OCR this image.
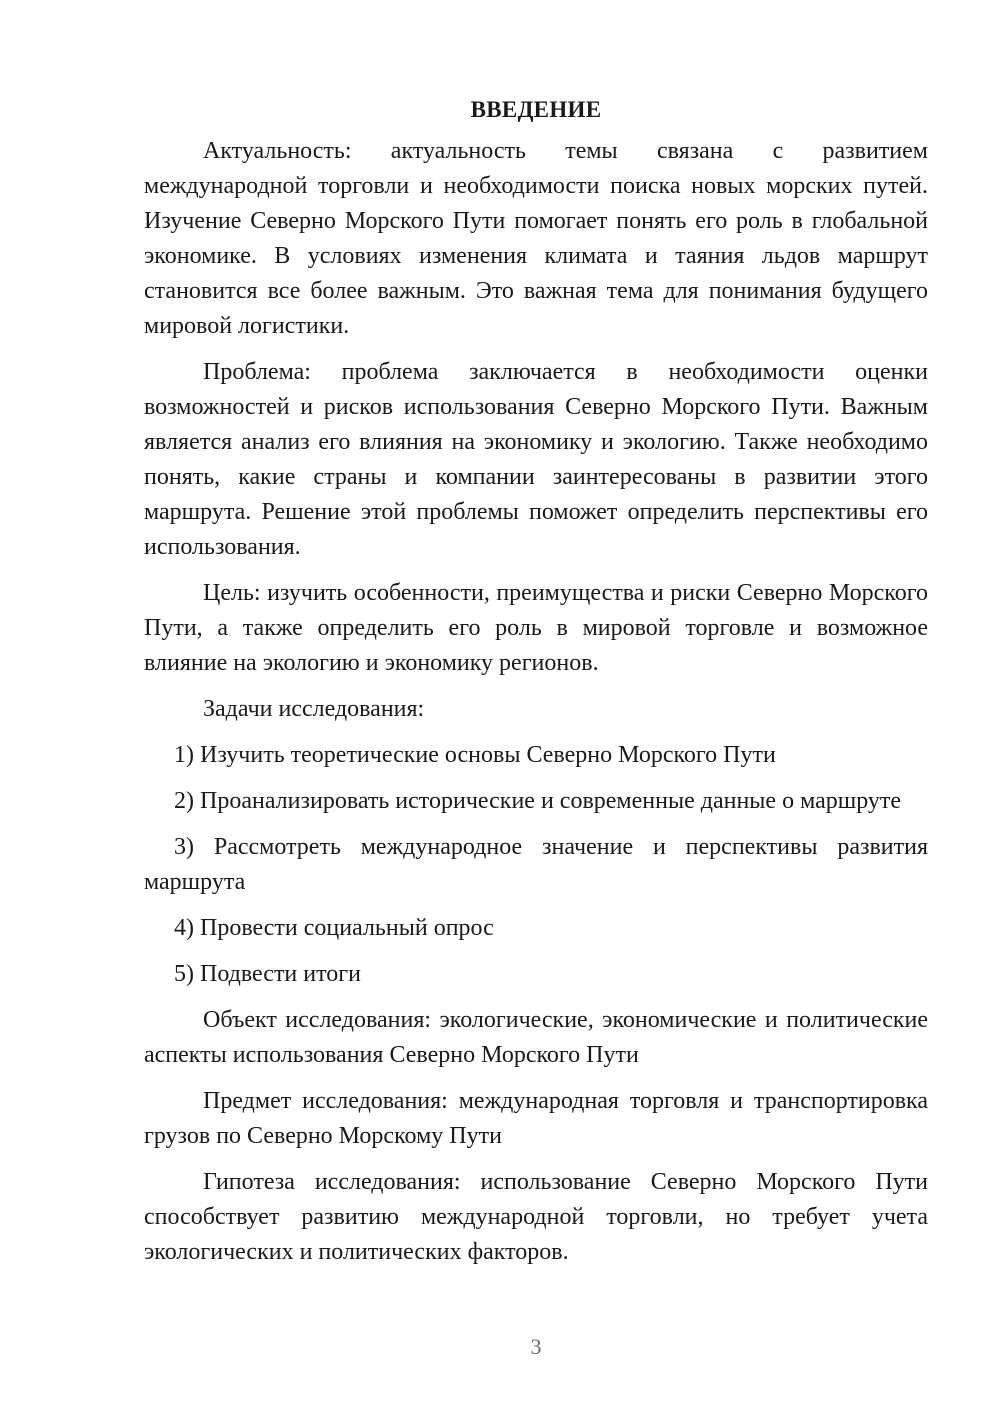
ВВЕДЕНИЕ

Актуальность: актуальность темы связана с развитием международной торговли и необходимости поиска новых морских путей. Изучение Северно Морского Пути помогает понять его роль в глобальной экономике. В условиях изменения климата и таяния льдов маршрут становится все более важным. Это важная тема для понимания будущего мировой логистики.

Проблема: проблема заключается в необходимости оценки возможностей и рисков использования Северно Морского Пути. Важным является анализ его влияния на экономику и экологию. Также необходимо понять, какие страны и компании заинтересованы в развитии этого маршрута. Решение этой проблемы поможет определить перспективы его использования.

Цель: изучить особенности, преимущества и риски Северно Морского Пути, а также определить его роль в мировой торговле и возможное влияние на экологию и экономику регионов.

Задачи исследования:

1) Изучить теоретические основы Северно Морского Пути

2) Проанализировать исторические и современные данные о маршруте

3) Рассмотреть международное значение и перспективы развития маршрута

4) Провести социальный опрос

5) Подвести итоги

Объект исследования: экологические, экономические и политические аспекты использования Северно Морского Пути

Предмет исследования: международная торговля и транспортировка грузов по Северно Морскому Пути

Гипотеза исследования: использование Северно Морского Пути способствует развитию международной торговли, но требует учета экологических и политических факторов.

3
